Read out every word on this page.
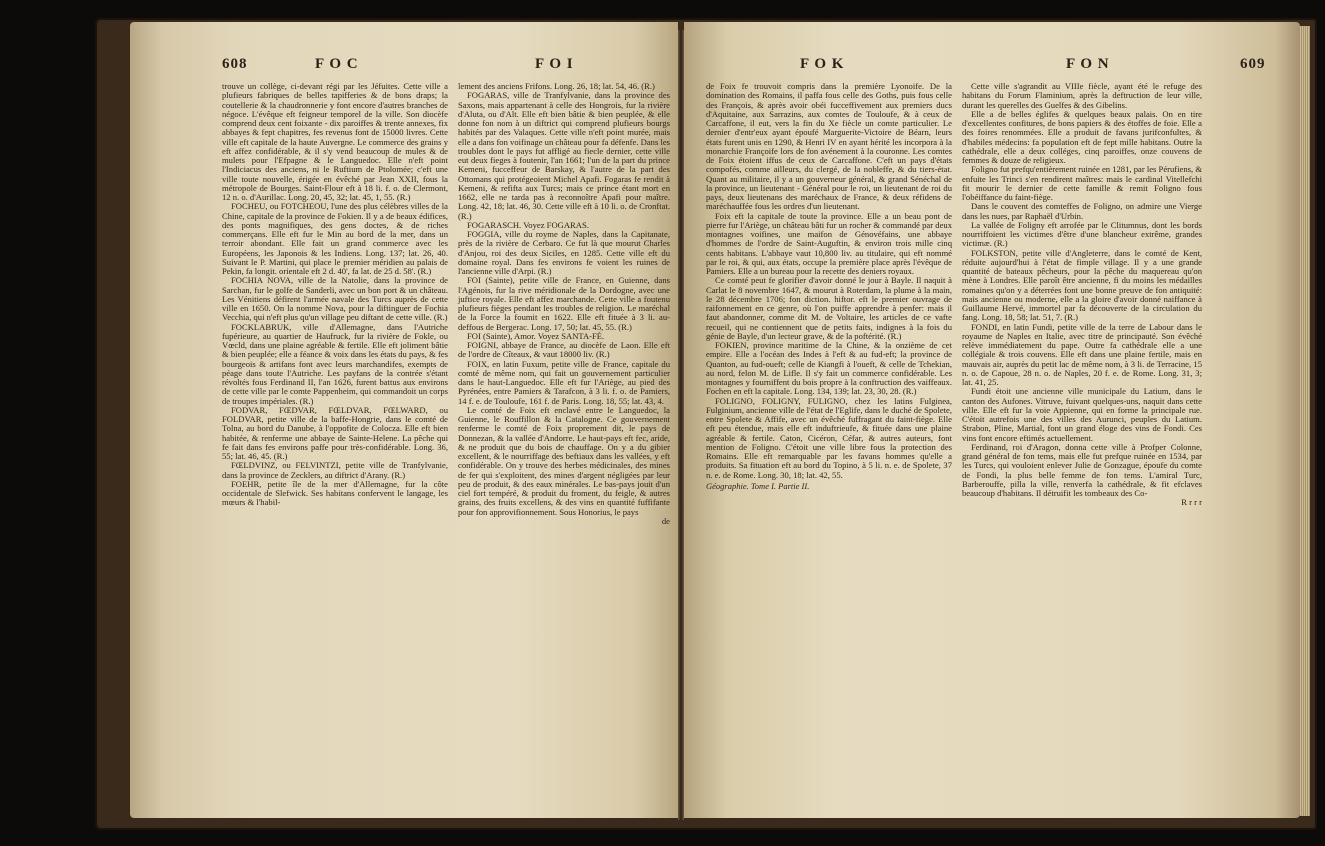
608	F O C	F O I

trouve un collège, ci-devant régi par les Jéfuites. Cette ville a plufieurs fabriques de belles tapifferies & de bons draps; la coutellerie & la chaudronnerie y font encore d'autres branches de négoce. L'évêque eft feigneur temporel de la ville. Son diocèfe comprend deux cent foixante - dix paroiffes & trente annexes, fix abbayes & fept chapitres, fes revenus font de 15000 livres. Cette ville eft capitale de la haute Auvergne. Le commerce des grains y eft affez confidérable, & il s'y vend beaucoup de mules & de mulets pour l'Efpagne & le Languedoc. Elle n'eft point l'Indiciacus des anciens, ni le Ruftium de Ptolomée; c'eft une ville toute nouvelle, érigée en évêché par Jean XXII, fous la métropole de Bourges. Saint-Flour eft à 18 li. f. o. de Clermont, 12 n. o. d'Aurillac. Long. 20, 45, 32; lat. 45, 1, 55. (R.)

FOCHEU, ou FOTCHEOU, l'une des plus célèbres villes de la Chine, capitale de la province de Fokien. Il y a de beaux édifices, des ponts magnifiques, des gens doctes, & de riches commerçans. Elle eft fur le Min au bord de la mer, dans un terroir abondant. Elle fait un grand commerce avec les Européens, les Japonois & les Indiens. Long. 137; lat. 26, 40. Suivant le P. Martini, qui place le premier méridien au palais de Pekin, fa longit. orientale eft 2 d. 40', fa lat. de 25 d. 58'. (R.)

FOCHIA NOVA, ville de la Natolie, dans la province de Sarchan, fur le golfe de Sanderli, avec un bon port & un château. Les Vénitiens défirent l'armée navale des Turcs auprès de cette ville en 1650. On la nomme Nova, pour la diftinguer de Fochia Vecchia, qui n'eft plus qu'un village peu diftant de cette ville. (R.)

FOCKLABRUK, ville d'Allemagne, dans l'Autriche fupérieure, au quartier de Haufruck, fur la rivière de Fokle, ou Vœcld, dans une plaine agréable & fertile. Elle eft joliment bâtie & bien peuplée; elle a féance & voix dans les états du pays, & fes bourgeois & artifans font avec leurs marchandifes, exempts de péage dans toute l'Autriche. Les payfans de la contrée s'étant révoltés fous Ferdinand II, l'an 1626, furent battus aux environs de cette ville par le comte Pappenheim, qui commandoit un corps de troupes impériales. (R.)

FODVAR, FŒDVAR, FŒLDVAR, FŒLWARD, ou FOLDVAR, petite ville de la baffe-Hongrie, dans le comté de Tolna, au bord du Danube, à l'oppofite de Colocza. Elle eft bien habitée, & renferme une abbaye de Sainte-Helene. La pêche qui fe fait dans fes environs paffe pour très-confidérable. Long. 36, 55; lat. 46, 45. (R.)

FŒLDVINZ, ou FELVINTZI, petite ville de Tranfylvanie, dans la province de Zecklers, au diftrict d'Arany. (R.)

FOEHR, petite île de la mer d'Allemagne, fur la côte occidentale de Slefwick. Ses habitans confervent le langage, les mœurs & l'habil-

lement des anciens Frifons. Long. 26, 18; lat. 54, 46. (R.)

FOGARAS, ville de Tranfylvanie, dans la province des Saxons, mais appartenant à celle des Hongrois, fur la rivière d'Aluta, ou d'Alt. Elle eft bien bâtie & bien peuplée, & elle donne fon nom à un diftrict qui comprend plufieurs bourgs habités par des Valaques. Cette ville n'eft point murée, mais elle a dans fon voifinage un château pour fa défenfe. Dans les troubles dont le pays fut affligé au fiecle dernier, cette ville eut deux fieges à foutenir, l'an 1661; l'un de la part du prince Kemeni, fucceffeur de Barskay, & l'autre de la part des Ottomans qui protégeoient Michel Apafi. Fogaras fe rendit à Kemeni, & refifta aux Turcs; mais ce prince étant mort en 1662, elle ne tarda pas à reconnoître Apafi pour maître. Long. 42, 18; lat. 46, 30. Cette ville eft à 10 li. o. de Cronftat. (R.)

FOGARASCH. Voyez FOGARAS.

FOGGIA, ville du royme de Naples, dans la Capitanate, près de la rivière de Cerbaro. Ce fut là que mourut Charles d'Anjou, roi des deux Siciles, en 1285. Cette ville eft du domaine royal. Dans fes environs fe voient les ruines de l'ancienne ville d'Arpi. (R.)

FOI (Sainte), petite ville de France, en Guienne, dans l'Agénois, fur la rive méridionale de la Dordogne, avec une juftice royale. Elle eft affez marchande. Cette ville a foutenu plufieurs fièges pendant les troubles de religion. Le maréchal de la Force la foumit en 1622. Elle eft fituée à 3 li. au-deffous de Bergerac. Long. 17, 50; lat. 45, 55. (R.)

FOI (Sainte), Amor. Voyez SANTA-FÉ.

FOIGNI, abbaye de France, au diocèfe de Laon. Elle eft de l'ordre de Cîteaux, & vaut 18000 liv. (R.)

FOIX, en latin Fuxum, petite ville de France, capitale du comté de même nom, qui fait un gouvernement particulier dans le haut-Languedoc. Elle eft fur l'Ariège, au pied des Pyrénées, entre Pamiers & Tarafcon, à 3 li. f. o. de Pamiers, 14 f. e. de Touloufe, 161 f. de Paris. Long. 18, 55; lat. 43, 4.

Le comté de Foix eft enclavé entre le Languedoc, la Guienne, le Rouffillon & la Catalogne. Ce gouvernement renferme le comté de Foix proprement dit, le pays de Donnezan, & la vallée d'Andorre. Le haut-pays eft fec, aride, & ne produit que du bois de chauffage. On y a du gibier excellent, & le nourriffage des beftiaux dans les vallées, y eft confidérable. On y trouve des herbes médicinales, des mines de fer qui s'exploitent, des mines d'argent négligées par leur peu de produit, & des eaux minérales. Le bas-pays jouit d'un ciel fort tempéré, & produit du froment, du feigle, & autres grains, des fruits excellens, & des vins en quantité fuffifante pour fon approvifionnement. Sous Honorius, le pays

de
F O K	F O N	609

de Foix fe trouvoit compris dans la première Lyonoife. De la domination des Romains, il paffa fous celle des Goths, puis fous celle des François, & après avoir obéi fucceffivement aux premiers ducs d'Aquitaine, aux Sarrazins, aux comtes de Touloufe, & à ceux de Carcaffone, il eut, vers la fin du Xe fiècle un comte particulier. Le dernier d'entr'eux ayant époufé Marguerite-Victoire de Béarn, leurs états furent unis en 1290, & Henri IV en ayant hérité les incorpora à la monarchie Françoife lors de fon avénement à la couronne. Les comtes de Foix étoient iffus de ceux de Carcaffone. C'eft un pays d'états compofés, comme ailleurs, du clergé, de la nobleffe, & du tiers-état. Quant au militaire, il y a un gouverneur général, & grand Sénéchal de la province, un lieutenant - Général pour le roi, un lieutenant de roi du pays, deux lieutenans des maréchaux de France, & deux réfidens de maréchauffée fous les ordres d'un lieutenant.

Foix eft la capitale de toute la province. Elle a un beau pont de pierre fur l'Ariège, un château bâti fur un rocher & commandé par deux montagnes voifines, une maifon de Génovéfains, une abbaye d'hommes de l'ordre de Saint-Auguftin, & environ trois mille cinq cents habitans. L'abbaye vaut 10,800 liv. au titulaire, qui eft nommé par le roi, & qui, aux états, occupe la première place après l'évêque de Pamiers. Elle a un bureau pour la recette des deniers royaux.

Ce comté peut fe glorifier d'avoir donné le jour à Bayle. Il naquit à Carlat le 8 novembre 1647, & mourut à Roterdam, la plume à la main, le 28 décembre 1706; fon diction. hiftor. eft le premier ouvrage de raifonnement en ce genre, où l'on puiffe apprendre à penfer: mais il faut abandonner, comme dit M. de Voltaire, les articles de ce vafte recueil, qui ne contiennent que de petits faits, indignes à la fois du génie de Bayle, d'un lecteur grave, & de la poftérité. (R.)

FOKIEN, province maritime de la Chine, & la onzième de cet empire. Elle a l'océan des Indes à l'eft & au fud-eft; la province de Quanton, au fud-oueft; celle de Kiangfi à l'oueft, & celle de Tchekian, au nord, felon M. de Lifle. Il s'y fait un commerce confidérable. Les montagnes y fourniffent du bois propre à la conftruction des vaiffeaux. Fochen en eft la capitale. Long. 134, 139; lat. 23, 30, 28. (R.)

FOLIGNO, FOLIGNY, FULIGNO, chez les latins Fulginea, Fulginium, ancienne ville de l'état de l'Eglife, dans le duché de Spolete, entre Spolete & Affife, avec un évêché fuffragant du faint-fiège. Elle eft peu étendue, mais elle eft induftrieufe, & fituée dans une plaine agréable & fertile. Caton, Cicéron, Céfar, & autres auteurs, font mention de Foligno. C'étoit une ville libre fous la protection des Romains. Elle eft remarquable par les favans hommes qu'elle a produits. Sa fituation eft au bord du Topino, à 5 li. n. e. de Spolete, 37 n. e. de Rome. Long. 30, 18; lat. 42, 55.

Géographie. Tome I. Partie II.

Cette ville s'agrandit au VIIIe fiècle, ayant été le refuge des habitans du Forum Flaminium, après la deftruction de leur ville, durant les querelles des Guelfes & des Gibelins.

Elle a de belles églifes & quelques beaux palais. On en tire d'excellentes confitures, de bons papiers & des étoffes de foie. Elle a des foires renommées. Elle a produit de favans jurifconfultes, & d'habiles médecins: fa population eft de fept mille habitans. Outre la cathédrale, elle a deux colléges, cinq paroiffes, onze couvens de femmes & douze de religieux.

Foligno fut prefqu'entièrement ruinée en 1281, par les Pérufiens, & enfuite les Trinci s'en rendirent maîtres: mais le cardinal Vitellefchi fit mourir le dernier de cette famille & remit Foligno fous l'obéiffance du faint-fiège.

Dans le couvent des comteffes de Foligno, on admire une Vierge dans les nues, par Raphaël d'Urbin.

La vallée de Foligny eft arrofée par le Clitumnus, dont les bords nourriffoient les victimes d'être d'une blancheur extrême, grandes victimæ. (R.)

FOLKSTON, petite ville d'Angleterre, dans le comté de Kent, réduite aujourd'hui à l'état de fimple village. Il y a une grande quantité de bateaux pêcheurs, pour la pêche du maquereau qu'on mène à Londres. Elle paroît être ancienne, fi du moins les médailles romaines qu'on y a déterrées font une bonne preuve de fon antiquité: mais ancienne ou moderne, elle a la gloire d'avoir donné naiffance à Guillaume Hervé, immortel par fa découverte de la circulation du fang. Long. 18, 58; lat. 51, 7. (R.)

FONDI, en latin Fundi, petite ville de la terre de Labour dans le royaume de Naples en Italie, avec titre de principauté. Son évêché relève immédiatement du pape. Outre fa cathédrale elle a une collégiale & trois couvens. Elle eft dans une plaine fertile, mais en mauvais air, auprès du petit lac de même nom, à 3 li. de Terracine, 15 n. o. de Capoue, 28 n. o. de Naples, 20 f. e. de Rome. Long. 31, 3; lat. 41, 25.

Fundi étoit une ancienne ville municipale du Latium, dans le canton des Aufones. Vitruve, fuivant quelques-uns, naquit dans cette ville. Elle eft fur la voie Appienne, qui en forme la principale rue. C'étoit autrefois une des villes des Aurunci, peuples du Latium. Strabon, Pline, Martial, font un grand éloge des vins de Fondi. Ces vins font encore eftimés actuellement.

Ferdinand, roi d'Aragon, donna cette ville à Profper Colonne, grand général de fon tems, mais elle fut prefque ruinée en 1534, par les Turcs, qui vouloient enlever Julie de Gonzague, époufe du comte de Fondi, la plus belle femme de fon tems. L'amiral Turc, Barberouffe, pilla la ville, renverfa la cathédrale, & fit efclaves beaucoup d'habitans. Il détruifit les tombeaux des Co-

R r r r
